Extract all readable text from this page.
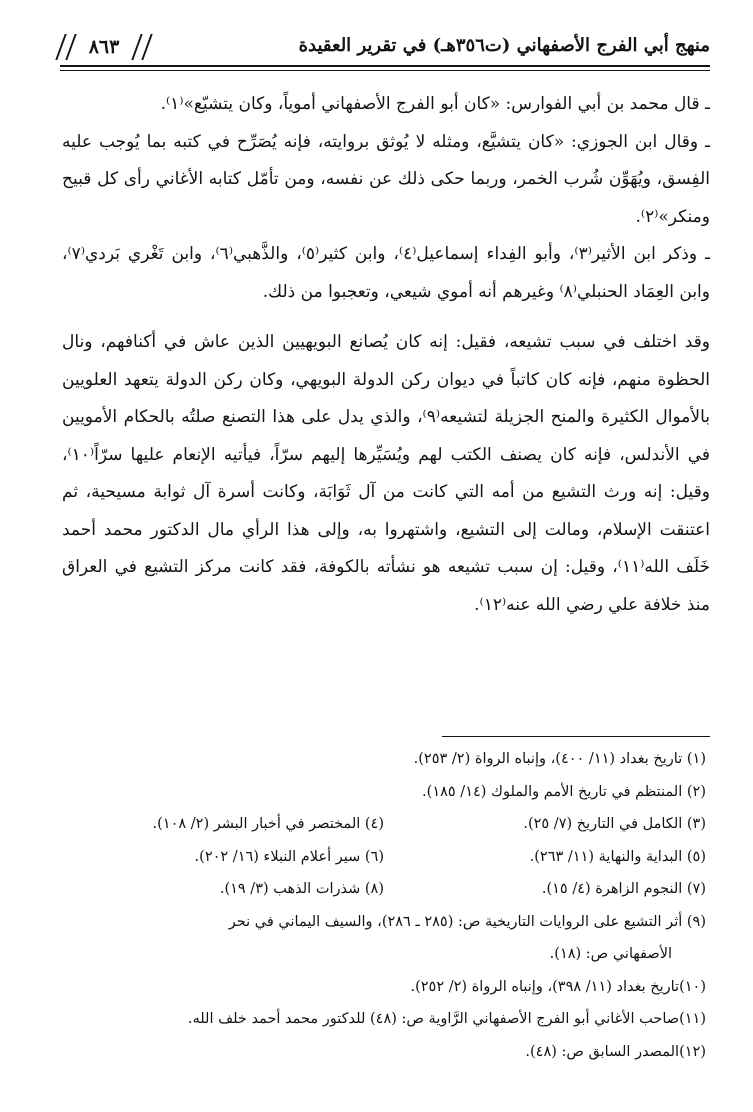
منهج أبي الفرج الأصفهاني (ت٣٥٦هـ) في تقرير العقيدة
٨٦٣

ـ قال محمد بن أبي الفوارس: «كان أبو الفرج الأصفهاني أموياً، وكان يتشيّع»⁽١⁾.

ـ وقال ابن الجوزي: «كان يتشيَّع، ومثله لا يُوثق بروايته، فإنه يُصَرِّح في كتبه بما يُوجب عليه الفِسق، ويُهَوِّن شُرب الخمر، وربما حكى ذلك عن نفسه، ومن تأمّل كتابه الأغاني رأى كل قبيح ومنكر»⁽٢⁾.

ـ وذكر ابن الأثير⁽٣⁾، وأبو الفِداء إسماعيل⁽٤⁾، وابن كثير⁽٥⁾، والذَّهبي⁽٦⁾، وابن تَغْري بَردي⁽٧⁾، وابن العِمَاد الحنبلي⁽٨⁾ وغيرهم أنه أموي شيعي، وتعجبوا من ذلك.

وقد اختلف في سبب تشيعه، فقيل: إنه كان يُصانع البويهيين الذين عاش في أكنافهم، ونال الحظوة منهم، فإنه كان كاتباً في ديوان ركن الدولة البويهي، وكان ركن الدولة يتعهد العلويين بالأموال الكثيرة والمنح الجزيلة لتشيعه⁽٩⁾، والذي يدل على هذا التصنع صلتُه بالحكام الأمويين في الأندلس، فإنه كان يصنف الكتب لهم ويُسَيِّرها إليهم سرّاً، فيأتيه الإنعام عليها سرّاً⁽١٠⁾، وقيل: إنه ورث التشيع من أمه التي كانت من آل ثَوَابَة، وكانت أسرة آل ثوابة مسيحية، ثم اعتنقت الإسلام، ومالت إلى التشيع، واشتهروا به، وإلى هذا الرأي مال الدكتور محمد أحمد خَلَف الله⁽١١⁾، وقيل: إن سبب تشيعه هو نشأته بالكوفة، فقد كانت مركز التشيع في العراق منذ خلافة علي رضي الله عنه⁽١٢⁾.

(١) تاريخ بغداد (١١/ ٤٠٠)، وإنباه الرواة (٢/ ٢٥٣).
(٢) المنتظم في تاريخ الأمم والملوك (١٤/ ١٨٥).
(٣) الكامل في التاريخ (٧/ ٢٥).
(٤) المختصر في أخبار البشر (٢/ ١٠٨).
(٥) البداية والنهاية (١١/ ٢٦٣).
(٦) سير أعلام النبلاء (١٦/ ٢٠٢).
(٧) النجوم الزاهرة (٤/ ١٥).
(٨) شذرات الذهب (٣/ ١٩).
(٩) أثر التشيع على الروايات التاريخية ص: (٢٨٥ ـ ٢٨٦)، والسيف اليماني في نحر
الأصفهاني ص: (١٨).
(١٠)تاريخ بغداد (١١/ ٣٩٨)، وإنباه الرواة (٢/ ٢٥٢).
(١١)صاحب الأغاني أبو الفرج الأصفهاني الرَّاوية ص: (٤٨) للدكتور محمد أحمد خلف الله.
(١٢)المصدر السابق ص: (٤٨).
